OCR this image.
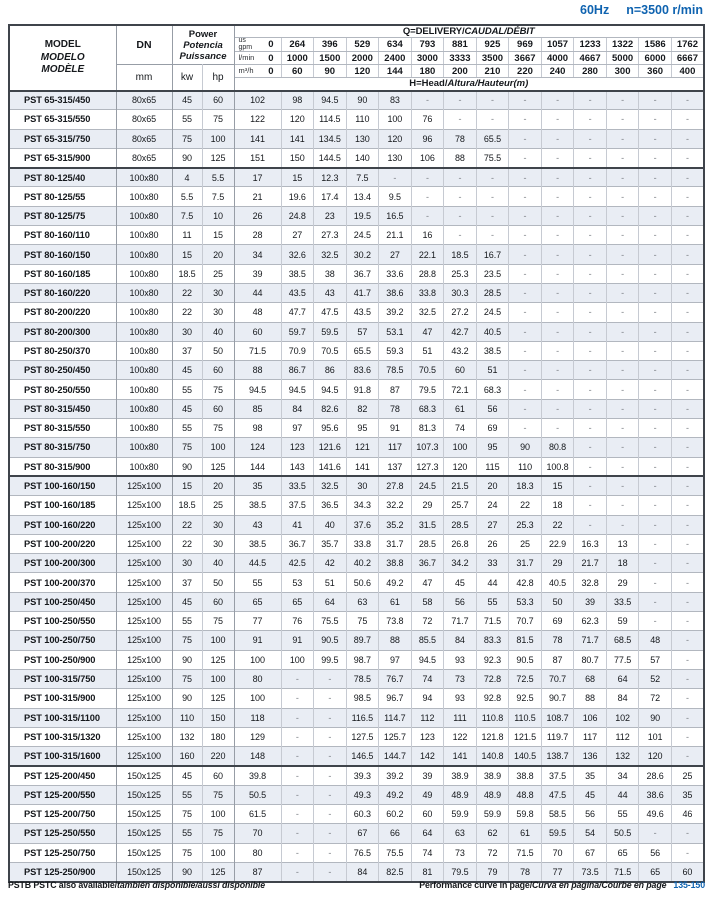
60Hz n=3500 r/min
MODEL
MODELO
MODÈLE	DN	Power
Potencia
Puissance		Q=DELIVERY/CAUDAL/DÉBIT													

				us
gpm 0	264	396	529	634	793	881	925	969	1057	1233	1322	1586	1762

				l/min 0	1000	1500	2000	2400	3000	3333	3500	3667	4000	4667	5000	6000	6667
	mm	kw	hp	m³/h 0	60	90	120	144	180	200	210	220	240	280	300	360	400
				H=Head/Altura/Hauteur(m)													
PST 65-315/450	80x65	45	60	102	98	94.5	90	83	-	-	-	-	-	-	-	-	-
PST 65-315/550	80x65	55	75	122	120	114.5	110	100	76	-	-	-	-	-	-	-	-
PST 65-315/750	80x65	75	100	141	141	134.5	130	120	96	78	65.5	-	-	-	-	-	-
PST 65-315/900	80x65	90	125	151	150	144.5	140	130	106	88	75.5	-	-	-	-	-	-
PST 80-125/40	100x80	4	5.5	17	15	12.3	7.5	-	-	-	-	-	-	-	-	-	-
PST 80-125/55	100x80	5.5	7.5	21	19.6	17.4	13.4	9.5	-	-	-	-	-	-	-	-	-
PST 80-125/75	100x80	7.5	10	26	24.8	23	19.5	16.5	-	-	-	-	-	-	-	-	-
PST 80-160/110	100x80	11	15	28	27	27.3	24.5	21.1	16	-	-	-	-	-	-	-	-
PST 80-160/150	100x80	15	20	34	32.6	32.5	30.2	27	22.1	18.5	16.7	-	-	-	-	-	-
PST 80-160/185	100x80	18.5	25	39	38.5	38	36.7	33.6	28.8	25.3	23.5	-	-	-	-	-	-
PST 80-160/220	100x80	22	30	44	43.5	43	41.7	38.6	33.8	30.3	28.5	-	-	-	-	-	-
PST 80-200/220	100x80	22	30	48	47.7	47.5	43.5	39.2	32.5	27.2	24.5	-	-	-	-	-	-
PST 80-200/300	100x80	30	40	60	59.7	59.5	57	53.1	47	42.7	40.5	-	-	-	-	-	-
PST 80-250/370	100x80	37	50	71.5	70.9	70.5	65.5	59.3	51	43.2	38.5	-	-	-	-	-	-
PST 80-250/450	100x80	45	60	88	86.7	86	83.6	78.5	70.5	60	51	-	-	-	-	-	-
PST 80-250/550	100x80	55	75	94.5	94.5	94.5	91.8	87	79.5	72.1	68.3	-	-	-	-	-	-
PST 80-315/450	100x80	45	60	85	84	82.6	82	78	68.3	61	56	-	-	-	-	-	-
PST 80-315/550	100x80	55	75	98	97	95.6	95	91	81.3	74	69	-	-	-	-	-	-
PST 80-315/750	100x80	75	100	124	123	121.6	121	117	107.3	100	95	90	80.8	-	-	-	-
PST 80-315/900	100x80	90	125	144	143	141.6	141	137	127.3	120	115	110	100.8	-	-	-	-
PST 100-160/150	125x100	15	20	35	33.5	32.5	30	27.8	24.5	21.5	20	18.3	15	-	-	-	-
PST 100-160/185	125x100	18.5	25	38.5	37.5	36.5	34.3	32.2	29	25.7	24	22	18	-	-	-	-
PST 100-160/220	125x100	22	30	43	41	40	37.6	35.2	31.5	28.5	27	25.3	22	-	-	-	-
PST 100-200/220	125x100	22	30	38.5	36.7	35.7	33.8	31.7	28.5	26.8	26	25	22.9	16.3	13	-	-
PST 100-200/300	125x100	30	40	44.5	42.5	42	40.2	38.8	36.7	34.2	33	31.7	29	21.7	18	-	-
PST 100-200/370	125x100	37	50	55	53	51	50.6	49.2	47	45	44	42.8	40.5	32.8	29	-	-
PST 100-250/450	125x100	45	60	65	65	64	63	61	58	56	55	53.3	50	39	33.5	-	-
PST 100-250/550	125x100	55	75	77	76	75.5	75	73.8	72	71.7	71.5	70.7	69	62.3	59	-	-
PST 100-250/750	125x100	75	100	91	91	90.5	89.7	88	85.5	84	83.3	81.5	78	71.7	68.5	48	-
PST 100-250/900	125x100	90	125	100	100	99.5	98.7	97	94.5	93	92.3	90.5	87	80.7	77.5	57	-
PST 100-315/750	125x100	75	100	80	-	-	78.5	76.7	74	73	72.8	72.5	70.7	68	64	52	-
PST 100-315/900	125x100	90	125	100	-	-	98.5	96.7	94	93	92.8	92.5	90.7	88	84	72	-
PST 100-315/1100	125x100	110	150	118	-	-	116.5	114.7	112	111	110.8	110.5	108.7	106	102	90	-
PST 100-315/1320	125x100	132	180	129	-	-	127.5	125.7	123	122	121.8	121.5	119.7	117	112	101	-
PST 100-315/1600	125x100	160	220	148	-	-	146.5	144.7	142	141	140.8	140.5	138.7	136	132	120	-
PST 125-200/450	150x125	45	60	39.8	-	-	39.3	39.2	39	38.9	38.9	38.8	37.5	35	34	28.6	25
PST 125-200/550	150x125	55	75	50.5	-	-	49.3	49.2	49	48.9	48.9	48.8	47.5	45	44	38.6	35
PST 125-200/750	150x125	75	100	61.5	-	-	60.3	60.2	60	59.9	59.9	59.8	58.5	56	55	49.6	46
PST 125-250/550	150x125	55	75	70	-	-	67	66	64	63	62	61	59.5	54	50.5	-	-
PST 125-250/750	150x125	75	100	80	-	-	76.5	75.5	74	73	72	71.5	70	67	65	56	-
PST 125-250/900	150x125	90	125	87	-	-	84	82.5	81	79.5	79	78	77	73.5	71.5	65	60
PSTB PSTC also available/también disponible/aussi disponible	Performance curve in page/Curva en página/Courbe en page 135-150
